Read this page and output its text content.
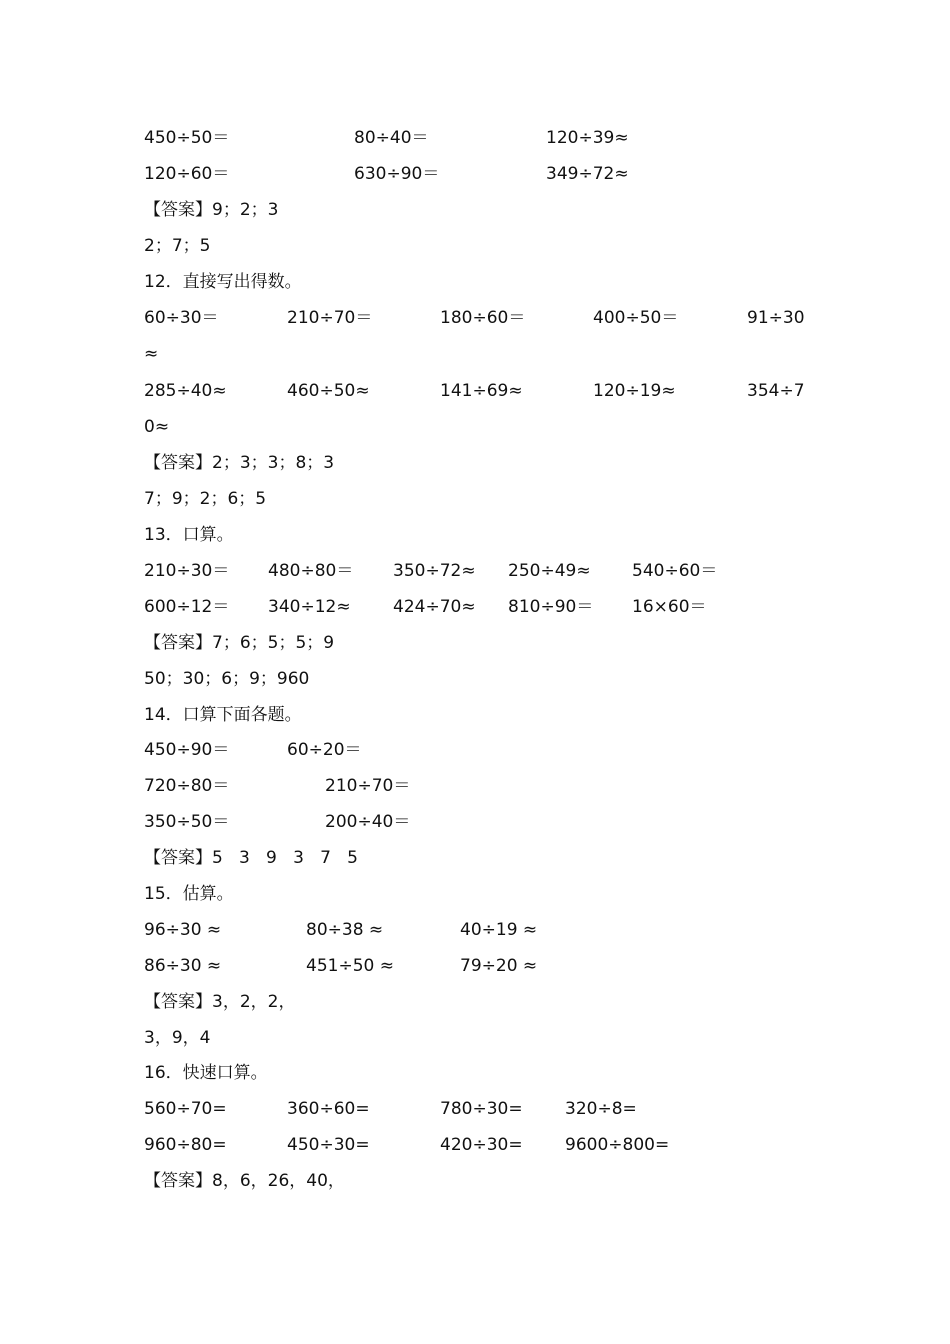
450÷50＝	80÷40＝	120÷39≈
120÷60＝	630÷90＝	349÷72≈
【答案】9；2；3
2；7；5
12．直接写出得数。
60÷30＝	210÷70＝	180÷60＝	400÷50＝	91÷30
≈
285÷40≈	460÷50≈	141÷69≈	120÷19≈	354÷7
0≈
【答案】2；3；3；8；3
7；9；2；6；5
13．口算。
210÷30＝ 480÷80＝ 350÷72≈ 250÷49≈ 540÷60＝
600÷12＝ 340÷12≈ 424÷70≈ 810÷90＝ 16×60＝
【答案】7；6；5；5；9
50；30；6；9；960
14．口算下面各题。
450÷90＝	60÷20＝
720÷80＝	210÷70＝
350÷50＝	200÷40＝
【答案】5   3   9   3   7   5
15．估算。
96÷30 ≈	80÷38 ≈	40÷19 ≈
86÷30 ≈	451÷50 ≈	79÷20 ≈
【答案】3，2，2，
3，9，4
16．快速口算。
560÷70=	360÷60=	780÷30= 320÷8=
960÷80=	450÷30=	420÷30= 9600÷800=
【答案】8，6，26，40，
